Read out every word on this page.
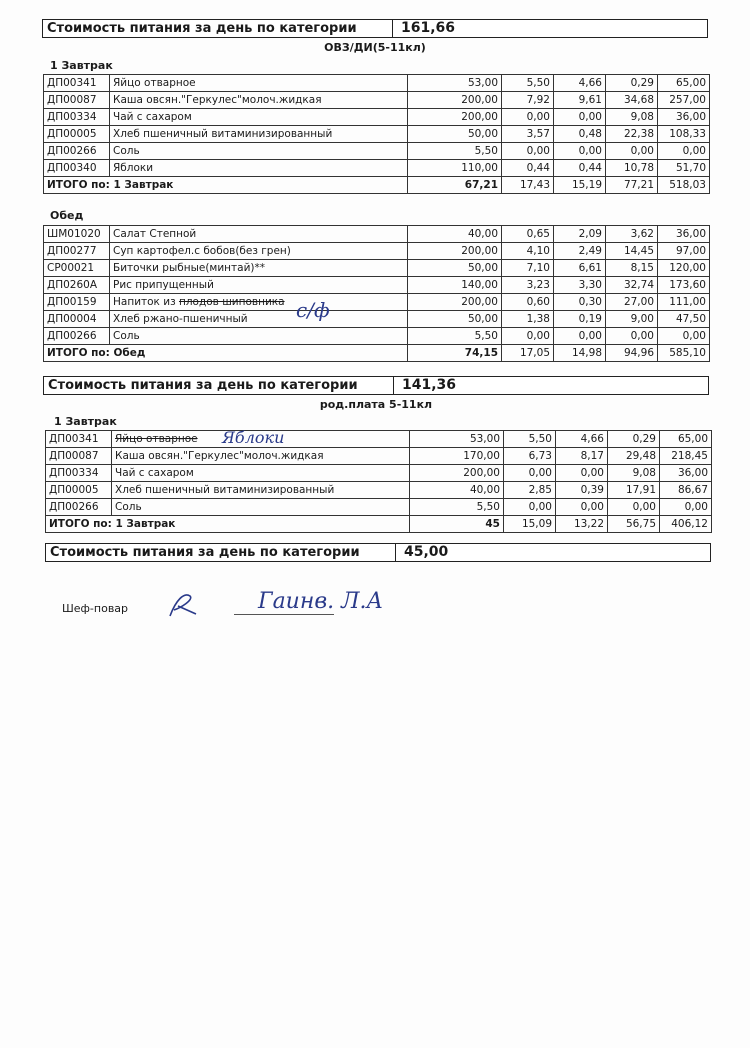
Стоимость питания за день по категории	161,66
ОВЗ/ДИ(5-11кл)
1 Завтрак
ДП00341	Яйцо отварное	53,00	5,50	4,66	0,29	65,00
ДП00087	Каша овсян."Геркулес"молоч.жидкая	200,00	7,92	9,61	34,68	257,00
ДП00334	Чай с сахаром	200,00	0,00	0,00	9,08	36,00
ДП00005	Хлеб пшеничный витаминизированный	50,00	3,57	0,48	22,38	108,33
ДП00266	Соль	5,50	0,00	0,00	0,00	0,00
ДП00340	Яблоки	110,00	0,44	0,44	10,78	51,70
ИТОГО по: 1 Завтрак		67,21	17,43	15,19	77,21	518,03
Обед
ШМ01020	Салат Степной	40,00	0,65	2,09	3,62	36,00
ДП00277	Суп картофел.с бобов(без грен)	200,00	4,10	2,49	14,45	97,00
СР00021	Биточки рыбные(минтай)**	50,00	7,10	6,61	8,15	120,00
ДП0260А	Рис припущенный	140,00	3,23	3,30	32,74	173,60
ДП00159	Напиток из плодов шиповника	200,00	0,60	0,30	27,00	111,00
ДП00004	Хлеб ржано-пшеничный	50,00	1,38	0,19	9,00	47,50
ДП00266	Соль	5,50	0,00	0,00	0,00	0,00
ИТОГО по: Обед		74,15	17,05	14,98	94,96	585,10
Стоимость питания за день по категории	141,36
род.плата 5-11кл
1 Завтрак
ДП00341	Яйцо отварное	53,00	5,50	4,66	0,29	65,00
ДП00087	Каша овсян."Геркулес"молоч.жидкая	170,00	6,73	8,17	29,48	218,45
ДП00334	Чай с сахаром	200,00	0,00	0,00	9,08	36,00
ДП00005	Хлеб пшеничный витаминизированный	40,00	2,85	0,39	17,91	86,67
ДП00266	Соль	5,50	0,00	0,00	0,00	0,00
ИТОГО по: 1 Завтрак		45	15,09	13,22	56,75	406,12
Стоимость питания за день по категории	45,00
с/ф
Яблоки
Шеф-повар	Гаинв. Л.А
